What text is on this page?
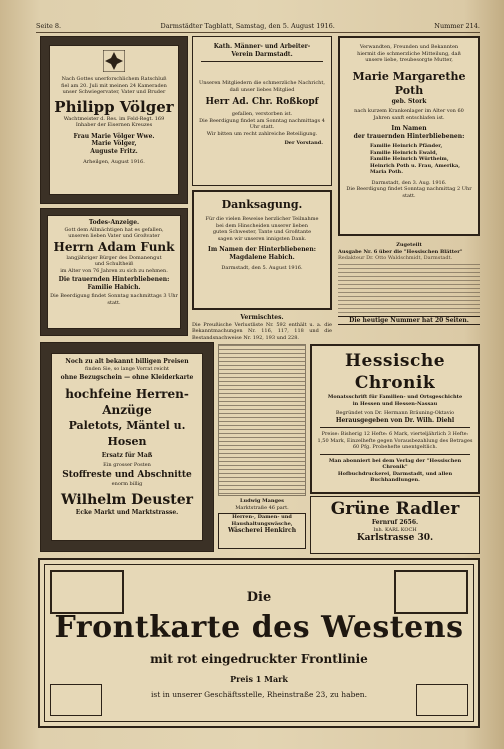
Seite 8.	Darmstädter Tagblatt, Samstag, den 5. August 1916.	Nummer 214.
Nach Gottes unerforschlichem Ratschluß
fiel am 20. Juli mit meinen 24 Kameraden
unser Schwiegervater, Vater und Bruder
Philipp Völger
Wachtmeister d. Res. im Feld-Regt. 169
Inhaber der Eisernen Kreuzes
Frau Marie Völger Wwe.
Marie Völger,
Auguste Fritz.
Arheilgen, August 1916.
Kath. Männer- und Arbeiter-
Verein Darmstadt.
Unseren Mitgliedern die schmerzliche Nachricht, daß unser liebes Mitglied
Herr Ad. Chr. Roßkopf
gefallen, verstorben ist.
Die Beerdigung findet am Sonntag nachmittags 4 Uhr statt.
Wir bitten um recht zahlreiche Beteiligung.
Der Vorstand.
Verwandten, Freunden und Bekannten
hiermit die schmerzliche Mitteilung, daß
unsere liebe, treubesorgte Mutter,
Marie Margarethe Poth
geb. Stork
nach kurzem Krankenlager im Alter von 60
Jahren sanft entschlafen ist.
Im Namen
der trauernden Hinterbliebenen:
Familie Heinrich Pfänder,
Familie Heinrich Ewald,
Familie Heinrich Würtheim,
Heinrich Poth u. Frau, Amerika,
Maria Poth.
Darmstadt, den 3. Aug. 1916.
Die Beerdigung findet Sonntag nachmittag 2 Uhr statt.
Todes-Anzeige.
Gott dem Allmächtigen hat es gefallen,
unseren lieben Vater und Großvater
Herrn Adam Funk
langjähriger Bürger des Domanengut
und Schultheiß
im Alter von 76 Jahren zu sich zu nehmen.
Die trauernden Hinterbliebenen:
Familie Habich.
Die Beerdigung findet Sonntag nachmittags 3 Uhr statt.
Danksagung.
Für die vielen Beweise herzlicher Teilnahme
bei dem Hinscheiden unserer lieben
guten Schwester, Tante und Großtante
sagen wir unseren innigsten Dank.
Im Namen der Hinterbliebenen:
Magdalene Habich.
Darmstadt, den 5. August 1916.
Vermischtes.
Die Preußische Verlustliste Nr. 592 enthält u. a. die Bekanntmachungen Nr. 116, 117, 118 und die Bestandsnachweise Nr. 192, 193 und 228.
Zugeteilt
Ausgabe Nr. 6 über die "Hessischen Blätter"
Redakteur Dr. Otto Waldschmidt, Darmstadt.
Die heutige Nummer hat 20 Seiten.
Noch zu alt bekannt billigen Preisen
finden Sie, so lange Vorrat reicht
ohne Bezugschein — ohne Kleiderkarte
hochfeine Herren-Anzüge
Paletots, Mäntel u. Hosen
Ersatz für Maß
Ein grosser Posten
Stoffreste und Abschnitte
enorm billig
Wilhelm Deuster
Ecke Markt und Marktstrasse.
Ludwig Manges
Marktstraße 46 part.
Herren-, Damen- und Haushaltungswäsche,
Wäscherei Henkirch
Hessische Chronik
Monatsschrift für Familien- und Ortsgeschichte
in Hessen und Hessen-Nassau
Begründet von Dr. Hermann Bräuning-Oktavio
Herausgegeben von Dr. Wilh. Diehl
Preise: Bisherig 12 Hefte: 6 Mark, vierteljährlich 3 Hefte:
1,50 Mark, Einzelhefte gegen Vorausbezahlung des Betrages
60 Pfg. Probehefte unentgeltlich.
Man abonniert bei dem Verlag der "Hessischen Chronik"
Hofbuchdruckerei, Darmstadt, und allen Buchhandlungen.
Grüne Radler
Fernruf 2656.
Inh. KARL KOCH
Karlstrasse 30.
Die
Frontkarte des Westens
mit rot eingedruckter Frontlinie
Preis 1 Mark
ist in unserer Geschäftsstelle, Rheinstraße 23, zu haben.
